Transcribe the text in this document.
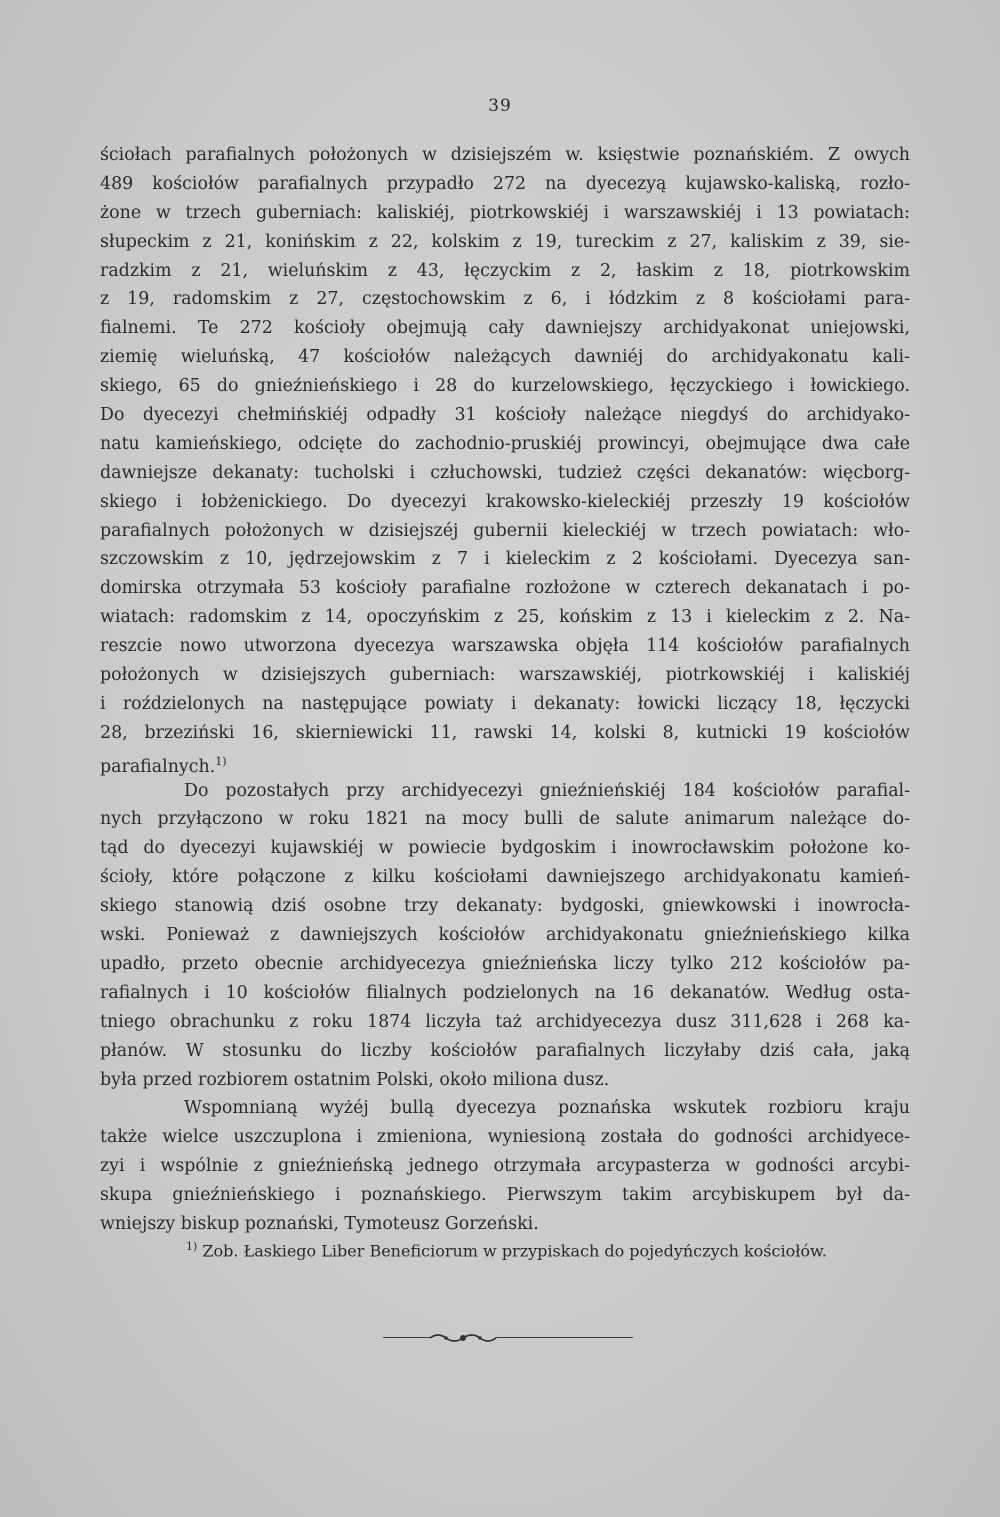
39
ściołach parafialnych położonych w dzisiejszém w. księstwie poznańskiém. Z owych
489 kościołów parafialnych przypadło 272 na dyecezyą kujawsko-kaliską, rozło-
żone w trzech guberniach: kaliskiéj, piotrkowskiéj i warszawskiéj i 13 powiatach:
słupeckim z 21, konińskim z 22, kolskim z 19, tureckim z 27, kaliskim z 39, sie-
radzkim z 21, wieluńskim z 43, łęczyckim z 2, łaskim z 18, piotrkowskim
z 19, radomskim z 27, częstochowskim z 6, i łódzkim z 8 kościołami para-
fialnemi. Te 272 kościoły obejmują cały dawniejszy archidyakonat uniejowski,
ziemię wieluńską, 47 kościołów należących dawniéj do archidyakonatu kali-
skiego, 65 do gnieźnieńskiego i 28 do kurzelowskiego, łęczyckiego i łowickiego.
Do dyecezyi chełmińskiéj odpadły 31 kościoły należące niegdyś do archidyako-
natu kamieńskiego, odcięte do zachodnio-pruskiéj prowincyi, obejmujące dwa całe
dawniejsze dekanaty: tucholski i człuchowski, tudzież części dekanatów: więcborg-
skiego i łobżenickiego. Do dyecezyi krakowsko-kieleckiéj przeszły 19 kościołów
parafialnych położonych w dzisiejszéj gubernii kieleckiéj w trzech powiatach: wło-
szczowskim z 10, jędrzejowskim z 7 i kieleckim z 2 kościołami. Dyecezya san-
domirska otrzymała 53 kościoły parafialne rozłożone w czterech dekanatach i po-
wiatach: radomskim z 14, opoczyńskim z 25, końskim z 13 i kieleckim z 2. Na-
reszcie nowo utworzona dyecezya warszawska objęła 114 kościołów parafialnych
położonych w dzisiejszych guberniach: warszawskiéj, piotrkowskiéj i kaliskiéj
i roździelonych na następujące powiaty i dekanaty: łowicki liczący 18, łęczycki
28, brzeziński 16, skierniewicki 11, rawski 14, kolski 8, kutnicki 19 kościołów
parafialnych.$^{1)}$
Do pozostałych przy archidyecezyi gnieźnieńskiéj 184 kościołów parafial-
nych przyłączono w roku 1821 na mocy bulli de salute animarum należące do-
tąd do dyecezyi kujawskiéj w powiecie bydgoskim i inowrocławskim położone ko-
ścioły, które połączone z kilku kościołami dawniejszego archidyakonatu kamień-
skiego stanowią dziś osobne trzy dekanaty: bydgoski, gniewkowski i inowrocła-
wski. Ponieważ z dawniejszych kościołów archidyakonatu gnieźnieńskiego kilka
upadło, przeto obecnie archidyecezya gnieźnieńska liczy tylko 212 kościołów pa-
rafialnych i 10 kościołów filialnych podzielonych na 16 dekanatów. Według osta-
tniego obrachunku z roku 1874 liczyła taż archidyecezya dusz 311,628 i 268 ka-
płanów. W stosunku do liczby kościołów parafialnych liczyłaby dziś cała, jaką
była przed rozbiorem ostatnim Polski, około miliona dusz.
Wspomnianą wyżéj bullą dyecezya poznańska wskutek rozbioru kraju
także wielce uszczuplona i zmieniona, wyniesioną została do godności archidyece-
zyi i wspólnie z gnieźnieńską jednego otrzymała arcypasterza w godności arcybi-
skupa gnieźnieńskiego i poznańskiego. Pierwszym takim arcybiskupem był da-
wniejszy biskup poznański, Tymoteusz Gorzeński.
$^{1)}$ Zob. Łaskiego Liber Beneficiorum w przypiskach do pojedyńczych kościołów.
